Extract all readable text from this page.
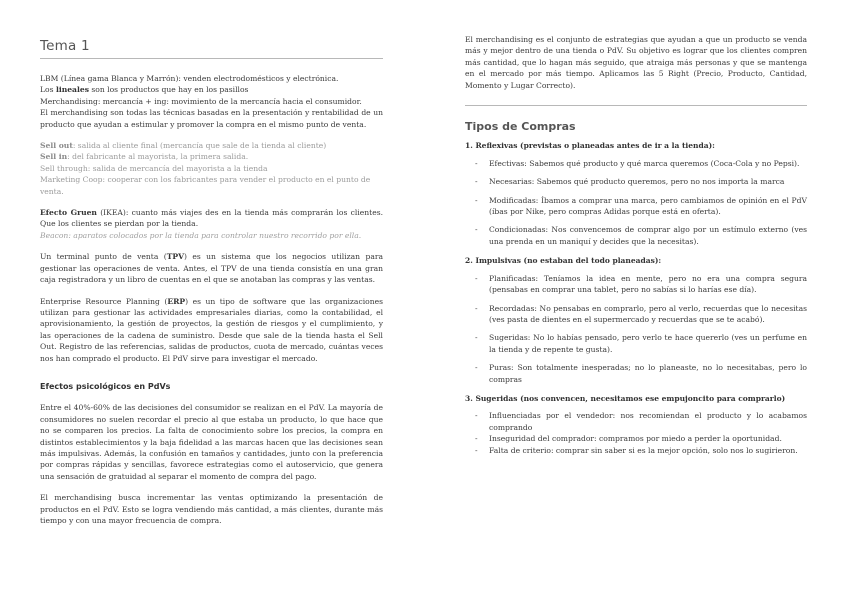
Tema 1
LBM (Línea gama Blanca y Marrón): venden electrodomésticos y electrónica.
Los lineales son los productos que hay en los pasillos
Merchandising: mercancía + ing: movimiento de la mercancía hacia el consumidor.
El merchandising son todas las técnicas basadas en la presentación y rentabilidad de un producto que ayudan a estimular y promover la compra en el mismo punto de venta.
Sell out: salida al cliente final (mercancía que sale de la tienda al cliente)
Sell in: del fabricante al mayorista, la primera salida.
Sell through: salida de mercancía del mayorista a la tienda
Marketing Coop: cooperar con los fabricantes para vender el producto en el punto de venta.
Efecto Gruen (IKEA): cuanto más viajes des en la tienda más comprarán los clientes. Que los clientes se pierdan por la tienda.
Beacon: aparatos colocados por la tienda para controlar nuestro recorrido por ella.
Un terminal punto de venta (TPV) es un sistema que los negocios utilizan para gestionar las operaciones de venta. Antes, el TPV de una tienda consistía en una gran caja registradora y un libro de cuentas en el que se anotaban las compras y las ventas.
Enterprise Resource Planning (ERP) es un tipo de software que las organizaciones utilizan para gestionar las actividades empresariales diarias, como la contabilidad, el aprovisionamiento, la gestión de proyectos, la gestión de riesgos y el cumplimiento, y las operaciones de la cadena de suministro. Desde que sale de la tienda hasta el Sell Out. Registro de las referencias, salidas de productos, cuota de mercado, cuántas veces nos han comprado el producto. El PdV sirve para investigar el mercado.
Efectos psicológicos en PdVs
Entre el 40%-60% de las decisiones del consumidor se realizan en el PdV. La mayoría de consumidores no suelen recordar el precio al que estaba un producto, lo que hace que no se comparen los precios. La falta de conocimiento sobre los precios, la compra en distintos establecimientos y la baja fidelidad a las marcas hacen que las decisiones sean más impulsivas. Además, la confusión en tamaños y cantidades, junto con la preferencia por compras rápidas y sencillas, favorece estrategias como el autoservicio, que genera una sensación de gratuidad al separar el momento de compra del pago.
El merchandising busca incrementar las ventas optimizando la presentación de productos en el PdV. Esto se logra vendiendo más cantidad, a más clientes, durante más tiempo y con una mayor frecuencia de compra.
El merchandising es el conjunto de estrategias que ayudan a que un producto se venda más y mejor dentro de una tienda o PdV. Su objetivo es lograr que los clientes compren más cantidad, que lo hagan más seguido, que atraiga más personas y que se mantenga en el mercado por más tiempo. Aplicamos las 5 Right (Precio, Producto, Cantidad, Momento y Lugar Correcto).
Tipos de Compras
1. Reflexivas (previstas o planeadas antes de ir a la tienda):
- Efectivas: Sabemos qué producto y qué marca queremos (Coca-Cola y no Pepsi).
- Necesarias: Sabemos qué producto queremos, pero no nos importa la marca
- Modificadas: Íbamos a comprar una marca, pero cambiamos de opinión en el PdV (íbas por Nike, pero compras Adidas porque está en oferta).
- Condicionadas: Nos convencemos de comprar algo por un estímulo externo (ves una prenda en un maniquí y decides que la necesitas).
2. Impulsivas (no estaban del todo planeadas):
- Planificadas: Teníamos la idea en mente, pero no era una compra segura (pensabas en comprar una tablet, pero no sabías si lo harías ese día).
- Recordadas: No pensabas en comprarlo, pero al verlo, recuerdas que lo necesitas (ves pasta de dientes en el supermercado y recuerdas que se te acabó).
- Sugeridas: No lo habías pensado, pero verlo te hace quererlo (ves un perfume en la tienda y de repente te gusta).
- Puras: Son totalmente inesperadas; no lo planeaste, no lo necesitabas, pero lo compras
3. Sugeridas (nos convencen, necesitamos ese empujoncito para comprarlo)
- Influenciadas por el vendedor: nos recomiendan el producto y lo acabamos comprando
- Inseguridad del comprador: compramos por miedo a perder la oportunidad.
- Falta de criterio: comprar sin saber si es la mejor opción, solo nos lo sugirieron.
